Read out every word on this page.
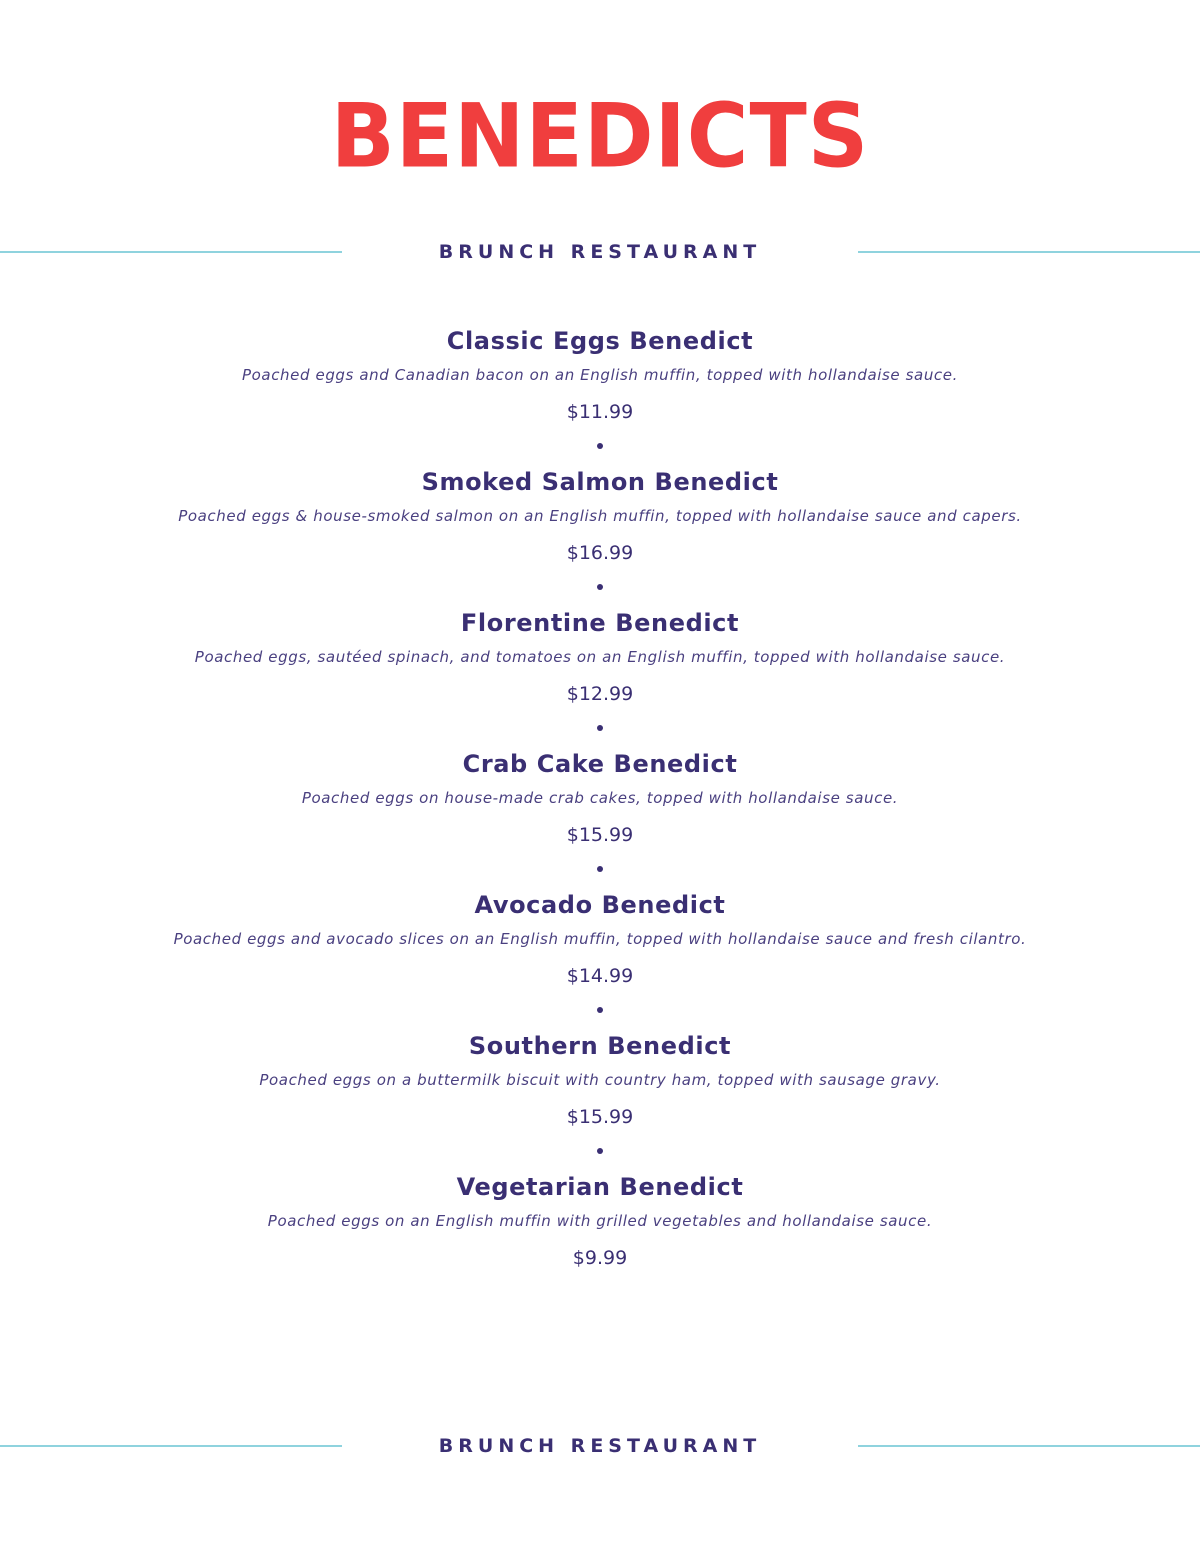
BENEDICTS
BRUNCH RESTAURANT
Classic Eggs Benedict
Poached eggs and Canadian bacon on an English muffin, topped with hollandaise sauce.
$11.99
Smoked Salmon Benedict
Poached eggs & house-smoked salmon on an English muffin, topped with hollandaise sauce and capers.
$16.99
Florentine Benedict
Poached eggs, sautéed spinach, and tomatoes on an English muffin, topped with hollandaise sauce.
$12.99
Crab Cake Benedict
Poached eggs on house-made crab cakes, topped with hollandaise sauce.
$15.99
Avocado Benedict
Poached eggs and avocado slices on an English muffin, topped with hollandaise sauce and fresh cilantro.
$14.99
Southern Benedict
Poached eggs on a buttermilk biscuit with country ham, topped with sausage gravy.
$15.99
Vegetarian Benedict
Poached eggs on an English muffin with grilled vegetables and hollandaise sauce.
$9.99
BRUNCH RESTAURANT
